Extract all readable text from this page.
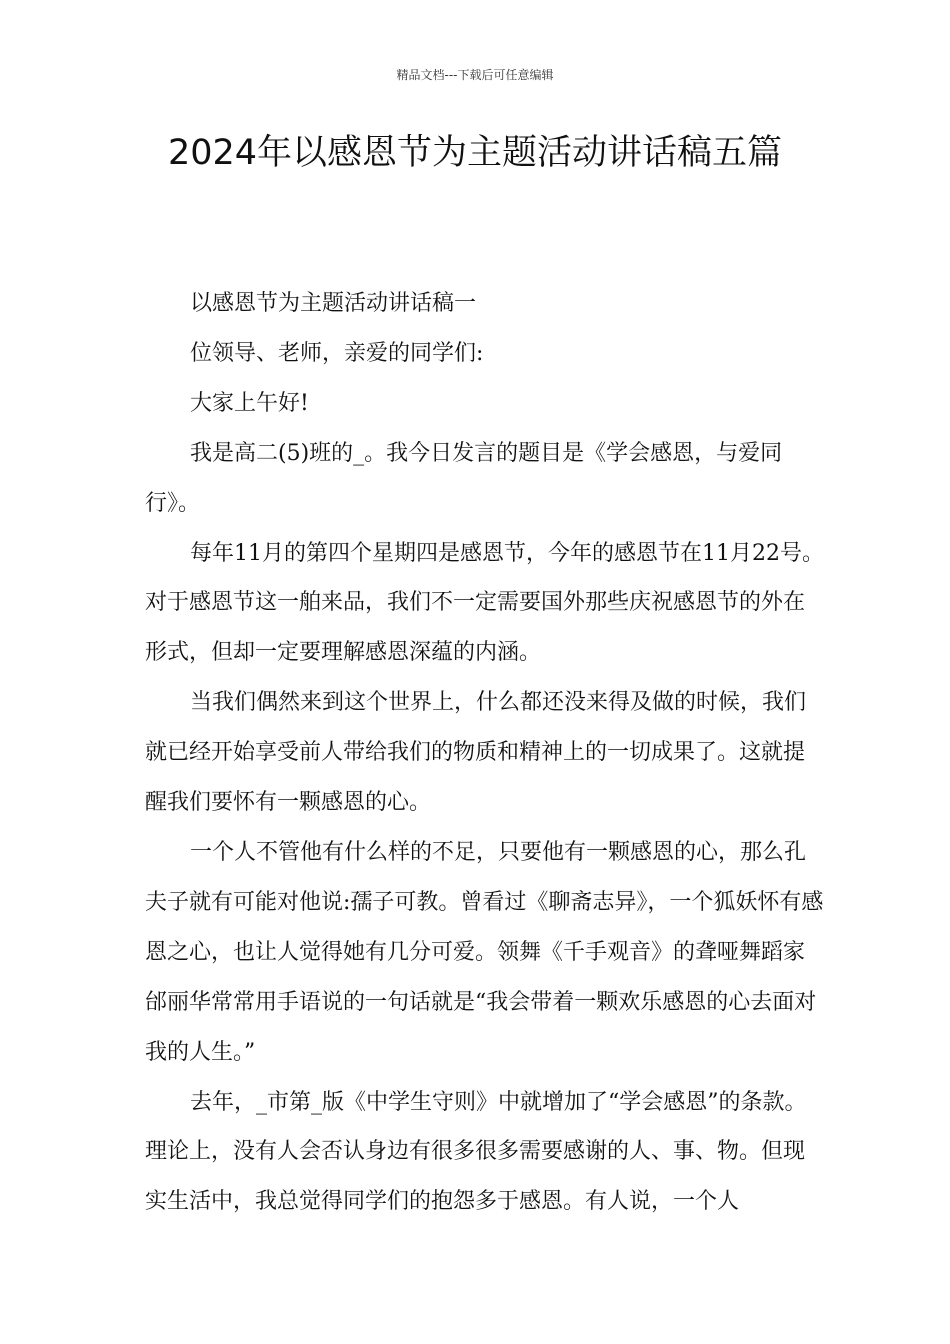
精品文档---下载后可任意编辑
2024年以感恩节为主题活动讲话稿五篇

以感恩节为主题活动讲话稿一

位领导、老师，亲爱的同学们:

大家上午好!

我是高二(5)班的_。我今日发言的题目是《学会感恩，与爱同行》。

每年11月的第四个星期四是感恩节，今年的感恩节在11月22号。对于感恩节这一舶来品，我们不一定需要国外那些庆祝感恩节的外在形式，但却一定要理解感恩深蕴的内涵。

当我们偶然来到这个世界上，什么都还没来得及做的时候，我们就已经开始享受前人带给我们的物质和精神上的一切成果了。这就提醒我们要怀有一颗感恩的心。

一个人不管他有什么样的不足，只要他有一颗感恩的心，那么孔夫子就有可能对他说:孺子可教。曾看过《聊斋志异》，一个狐妖怀有感恩之心，也让人觉得她有几分可爱。领舞《千手观音》的聋哑舞蹈家邰丽华常常用手语说的一句话就是“我会带着一颗欢乐感恩的心去面对我的人生。”

去年，_市第_版《中学生守则》中就增加了“学会感恩”的条款。理论上，没有人会否认身边有很多很多需要感谢的人、事、物。但现实生活中，我总觉得同学们的抱怨多于感恩。有人说，一个人
